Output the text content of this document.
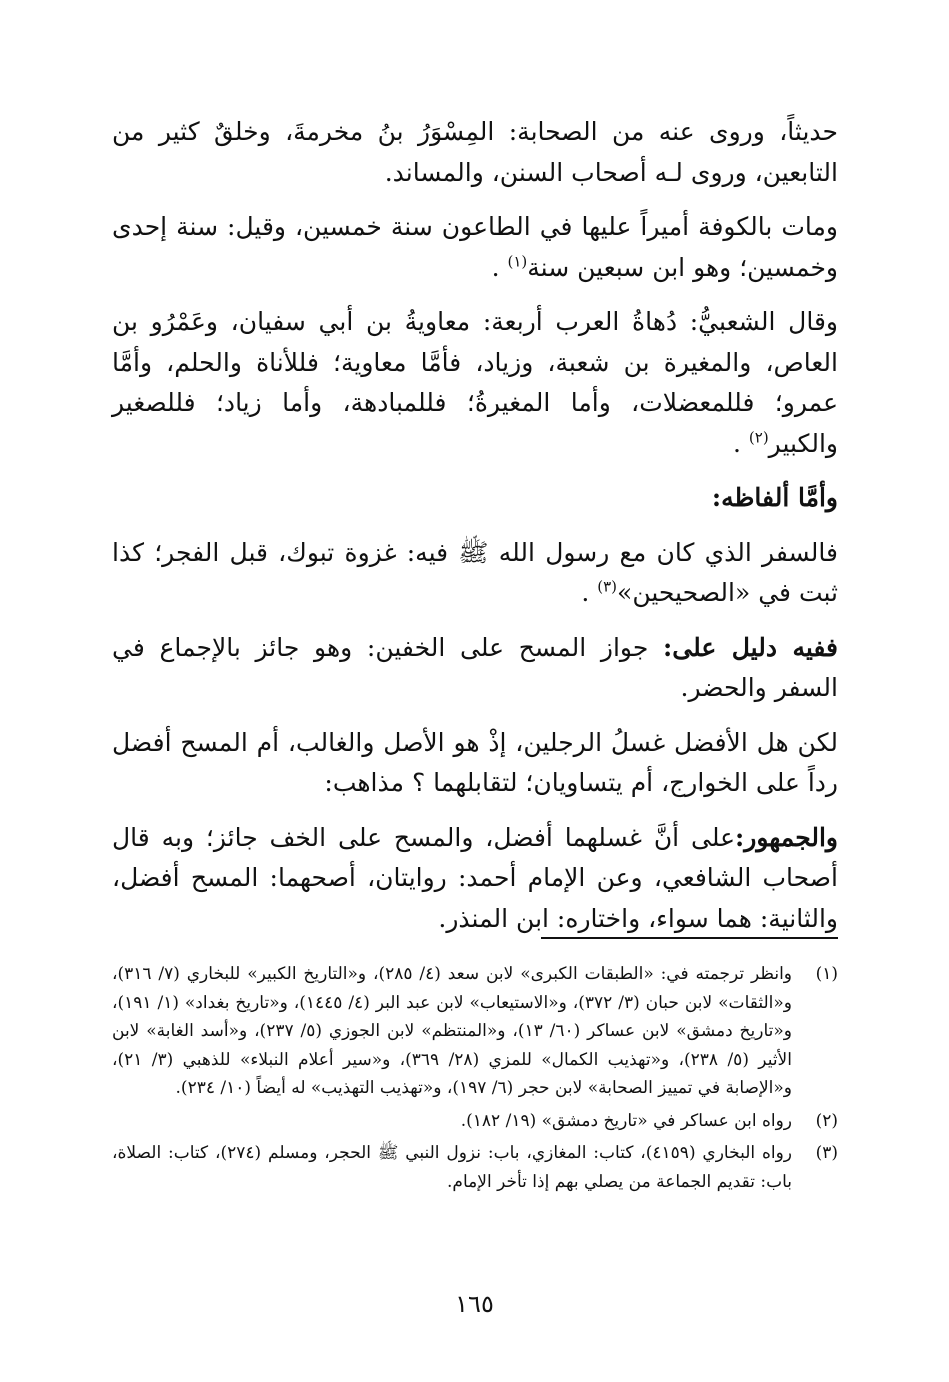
حديثاً، وروى عنه من الصحابة: المِسْوَرُ بنُ مخرمةَ، وخلقٌ كثير من التابعين، وروى لـه أصحاب السنن، والمساند.

ومات بالكوفة أميراً عليها في الطاعون سنة خمسين، وقيل: سنة إحدى وخمسين؛ وهو ابن سبعين سنة$^{(١)}$ .

وقال الشعبيُّ: دُهاةُ العرب أربعة: معاويةُ بن أبي سفيان، وعَمْرُو بن العاص، والمغيرة بن شعبة، وزياد، فأمَّا معاوية؛ فللأناة والحلم، وأمَّا عمرو؛ فللمعضلات، وأما المغيرةُ؛ فللمبادهة، وأما زياد؛ فللصغير والكبير$^{(٢)}$ .

وأمَّا ألفاظه:

فالسفر الذي كان مع رسول الله ﷺ فيه: غزوة تبوك، قبل الفجر؛ كذا ثبت في «الصحيحين»$^{(٣)}$ .

ففيه دليل على: جواز المسح على الخفين: وهو جائز بالإجماع في السفر والحضر.

لكن هل الأفضل غسلُ الرجلين، إذْ هو الأصل والغالب، أم المسح أفضل رداً على الخوارج، أم يتساويان؛ لتقابلهما ؟ مذاهب:

والجمهور:على أنَّ غسلهما أفضل، والمسح على الخف جائز؛ وبه قال أصحاب الشافعي، وعن الإمام أحمد: روايتان، أصحهما: المسح أفضل، والثانية: هما سواء، واختاره: ابن المنذر.

(١)
وانظر ترجمته في: «الطبقات الكبرى» لابن سعد (٤/ ٢٨٥)، و«التاريخ الكبير» للبخاري (٧/ ٣١٦)، و«الثقات» لابن حبان (٣/ ٣٧٢)، و«الاستيعاب» لابن عبد البر (٤/ ١٤٤٥)، و«تاريخ بغداد» (١/ ١٩١)، و«تاريخ دمشق» لابن عساكر (٦٠/ ١٣)، و«المنتظم» لابن الجوزي (٥/ ٢٣٧)، و«أسد الغابة» لابن الأثير (٥/ ٢٣٨)، و«تهذيب الكمال» للمزي (٢٨/ ٣٦٩)، و«سير أعلام النبلاء» للذهبي (٣/ ٢١)، و«الإصابة في تمييز الصحابة» لابن حجر (٦/ ١٩٧)، و«تهذيب التهذيب» له أيضاً (١٠/ ٢٣٤).
(٢)
رواه ابن عساكر في «تاريخ دمشق» (١٩/ ١٨٢).
(٣)
رواه البخاري (٤١٥٩)، كتاب: المغازي، باب: نزول النبي ﷺ الحجر، ومسلم (٢٧٤)، كتاب: الصلاة، باب: تقديم الجماعة من يصلي بهم إذا تأخر الإمام.
١٦٥
